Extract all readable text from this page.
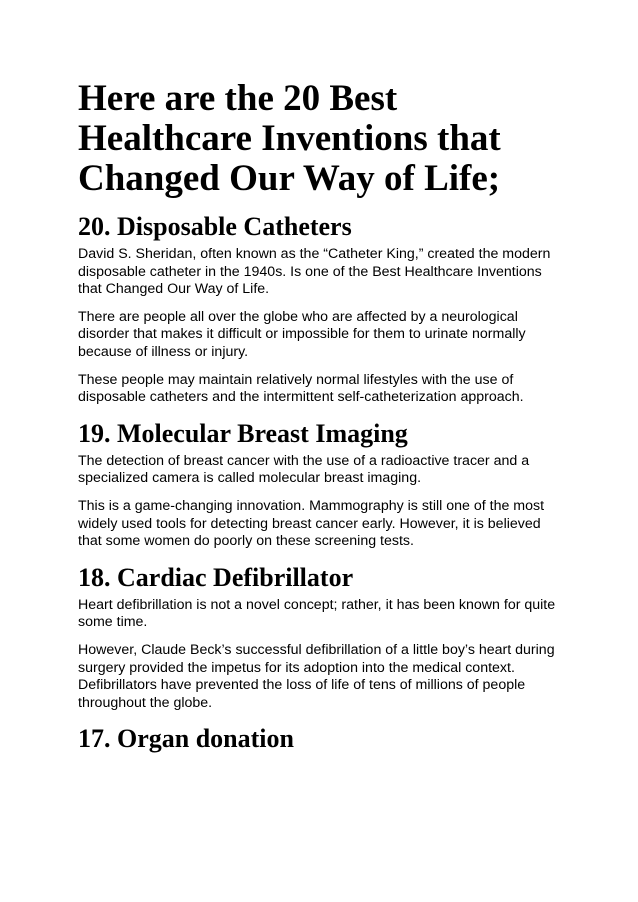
Here are the 20 Best Healthcare Inventions that Changed Our Way of Life;
20. Disposable Catheters

David S. Sheridan, often known as the “Catheter King,” created the modern disposable catheter in the 1940s. Is one of the Best Healthcare Inventions that Changed Our Way of Life.

There are people all over the globe who are affected by a neurological disorder that makes it difficult or impossible for them to urinate normally because of illness or injury.

These people may maintain relatively normal lifestyles with the use of disposable catheters and the intermittent self-catheterization approach.

19. Molecular Breast Imaging

The detection of breast cancer with the use of a radioactive tracer and a specialized camera is called molecular breast imaging.

This is a game-changing innovation. Mammography is still one of the most widely used tools for detecting breast cancer early. However, it is believed that some women do poorly on these screening tests.

18. Cardiac Defibrillator

Heart defibrillation is not a novel concept; rather, it has been known for quite some time.

However, Claude Beck’s successful defibrillation of a little boy’s heart during surgery provided the impetus for its adoption into the medical context. Defibrillators have prevented the loss of life of tens of millions of people throughout the globe.

17. Organ donation
